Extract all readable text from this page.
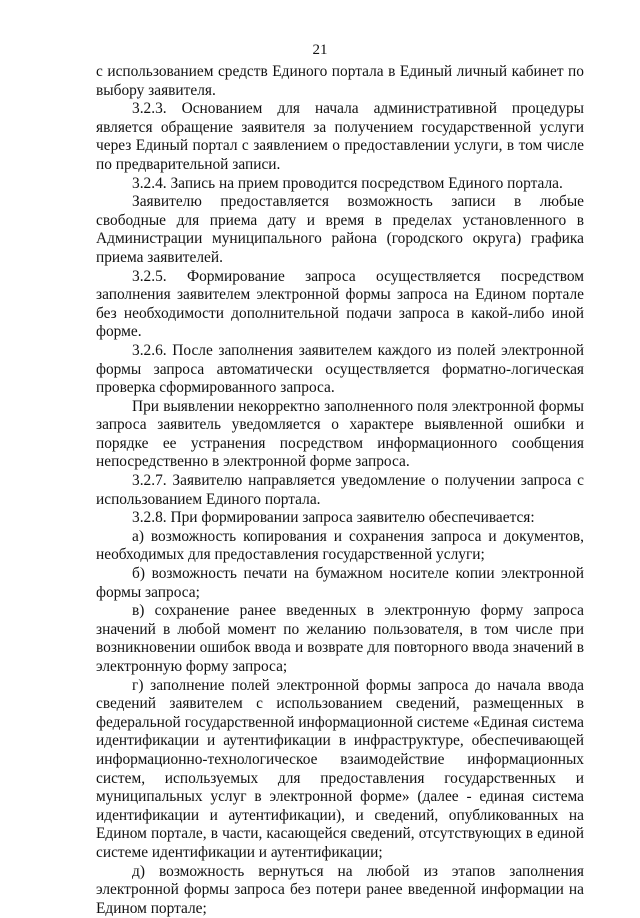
21

с использованием средств Единого портала в Единый личный кабинет по выбору заявителя.

3.2.3. Основанием для начала административной процедуры является обращение заявителя за получением государственной услуги через Единый портал с заявлением о предоставлении услуги, в том числе по предварительной записи.

3.2.4. Запись на прием проводится посредством Единого портала.

Заявителю предоставляется возможность записи в любые свободные для приема дату и время в пределах установленного в Администрации муниципального района (городского округа) графика приема заявителей.

3.2.5. Формирование запроса осуществляется посредством заполнения заявителем электронной формы запроса на Едином портале без необходимости дополнительной подачи запроса в какой-либо иной форме.

3.2.6. После заполнения заявителем каждого из полей электронной формы запроса автоматически осуществляется форматно-логическая проверка сформированного запроса.

При выявлении некорректно заполненного поля электронной формы запроса заявитель уведомляется о характере выявленной ошибки и порядке ее устранения посредством информационного сообщения непосредственно в электронной форме запроса.

3.2.7. Заявителю направляется уведомление о получении запроса с использованием Единого портала.

3.2.8. При формировании запроса заявителю обеспечивается:

а) возможность копирования и сохранения запроса и документов, необходимых для предоставления государственной услуги;

б) возможность печати на бумажном носителе копии электронной формы запроса;

в) сохранение ранее введенных в электронную форму запроса значений в любой момент по желанию пользователя, в том числе при возникновении ошибок ввода и возврате для повторного ввода значений в электронную форму запроса;

г) заполнение полей электронной формы запроса до начала ввода сведений заявителем с использованием сведений, размещенных в федеральной государственной информационной системе «Единая система идентификации и аутентификации в инфраструктуре, обеспечивающей информационно-технологическое взаимодействие информационных систем, используемых для предоставления государственных и муниципальных услуг в электронной форме» (далее - единая система идентификации и аутентификации), и сведений, опубликованных на Едином портале, в части, касающейся сведений, отсутствующих в единой системе идентификации и аутентификации;

д) возможность вернуться на любой из этапов заполнения электронной формы запроса без потери ранее введенной информации на Едином портале;
